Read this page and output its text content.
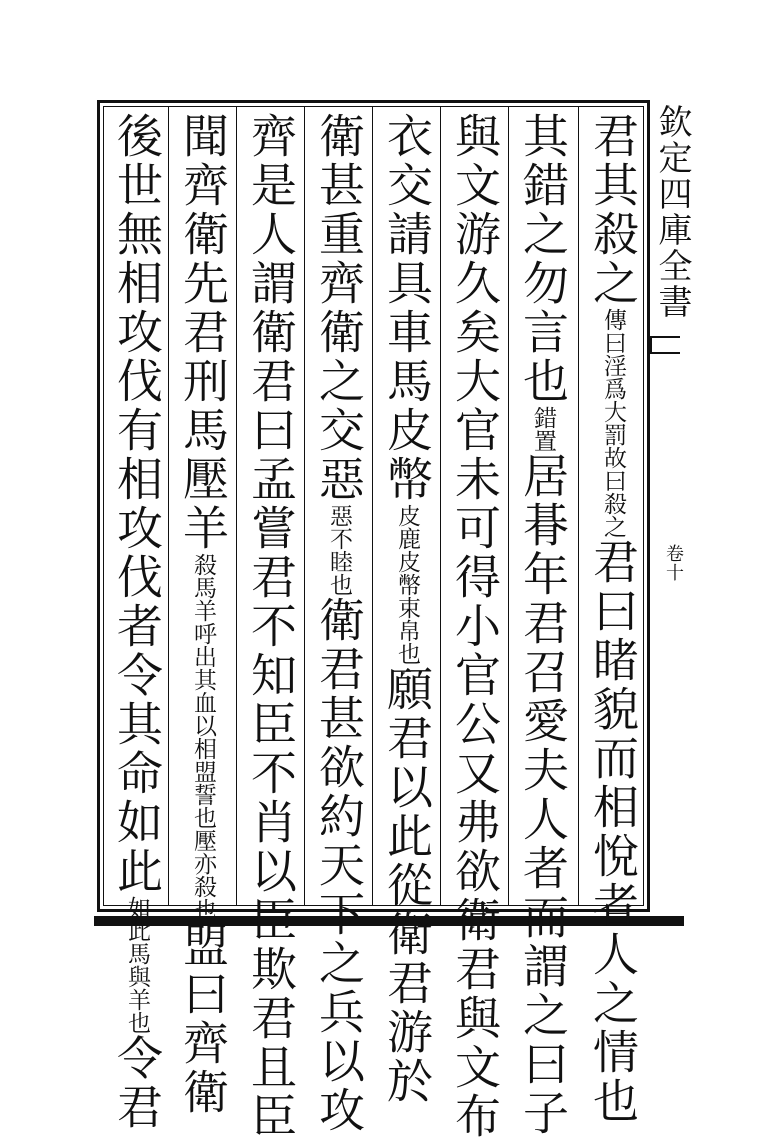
欽定四庫全書
卷十
君其殺之傳曰淫爲大罰故曰殺之君曰睹貌而相悅者人之情也
其錯之勿言也錯置居朞年君召愛夫人者而謂之曰子
與文游久矣大官未可得小官公又弗欲衛君與文布
衣交請具車馬皮幣皮鹿皮幣束帛也願君以此從衛君游於
衛甚重齊衛之交惡惡不睦也衛君甚欲約天下之兵以攻
齊是人謂衛君曰孟嘗君不知臣不肖以臣欺君且臣
聞齊衛先君刑馬壓羊殺馬羊呼出其血以相盟誓也壓亦殺也盟曰齊衛
後世無相攻伐有相攻伐者令其命如此如此馬與羊也令君
